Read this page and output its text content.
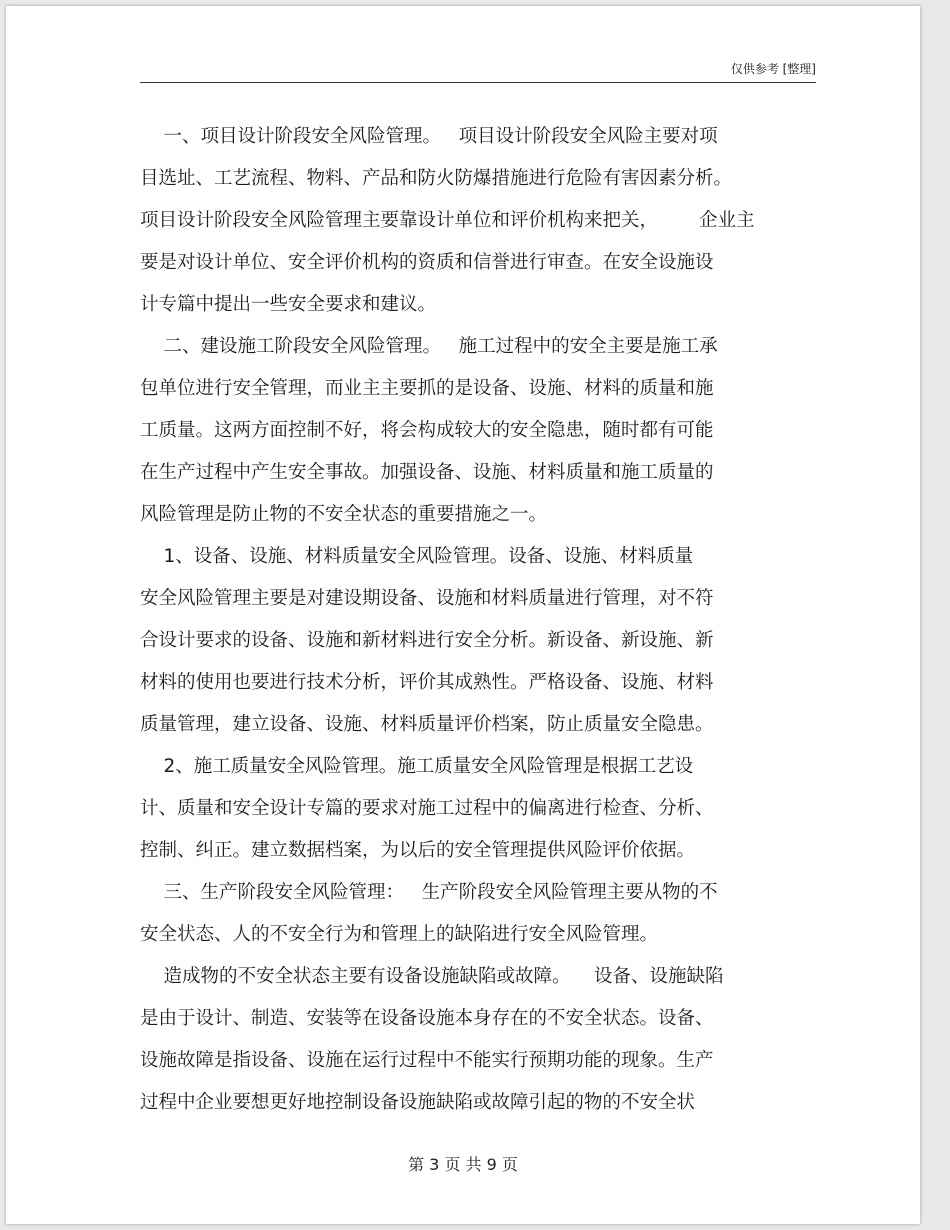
仅供参考 [整理]
一、项目设计阶段安全风险管理。   项目设计阶段安全风险主要对项
目选址、工艺流程、物料、产品和防火防爆措施进行危险有害因素分析。
项目设计阶段安全风险管理主要靠设计单位和评价机构来把关，       企业主
要是对设计单位、安全评价机构的资质和信誉进行审查。在安全设施设
计专篇中提出一些安全要求和建议。
二、建设施工阶段安全风险管理。   施工过程中的安全主要是施工承
包单位进行安全管理，而业主主要抓的是设备、设施、材料的质量和施
工质量。这两方面控制不好，将会构成较大的安全隐患，随时都有可能
在生产过程中产生安全事故。加强设备、设施、材料质量和施工质量的
风险管理是防止物的不安全状态的重要措施之一。
1、设备、设施、材料质量安全风险管理。设备、设施、材料质量
安全风险管理主要是对建设期设备、设施和材料质量进行管理，对不符
合设计要求的设备、设施和新材料进行安全分析。新设备、新设施、新
材料的使用也要进行技术分析，评价其成熟性。严格设备、设施、材料
质量管理，建立设备、设施、材料质量评价档案，防止质量安全隐患。
2、施工质量安全风险管理。施工质量安全风险管理是根据工艺设
计、质量和安全设计专篇的要求对施工过程中的偏离进行检查、分析、
控制、纠正。建立数据档案，为以后的安全管理提供风险评价依据。
三、生产阶段安全风险管理：   生产阶段安全风险管理主要从物的不
安全状态、人的不安全行为和管理上的缺陷进行安全风险管理。
造成物的不安全状态主要有设备设施缺陷或故障。    设备、设施缺陷
是由于设计、制造、安装等在设备设施本身存在的不安全状态。设备、
设施故障是指设备、设施在运行过程中不能实行预期功能的现象。生产
过程中企业要想更好地控制设备设施缺陷或故障引起的物的不安全状
第 3 页 共 9 页
